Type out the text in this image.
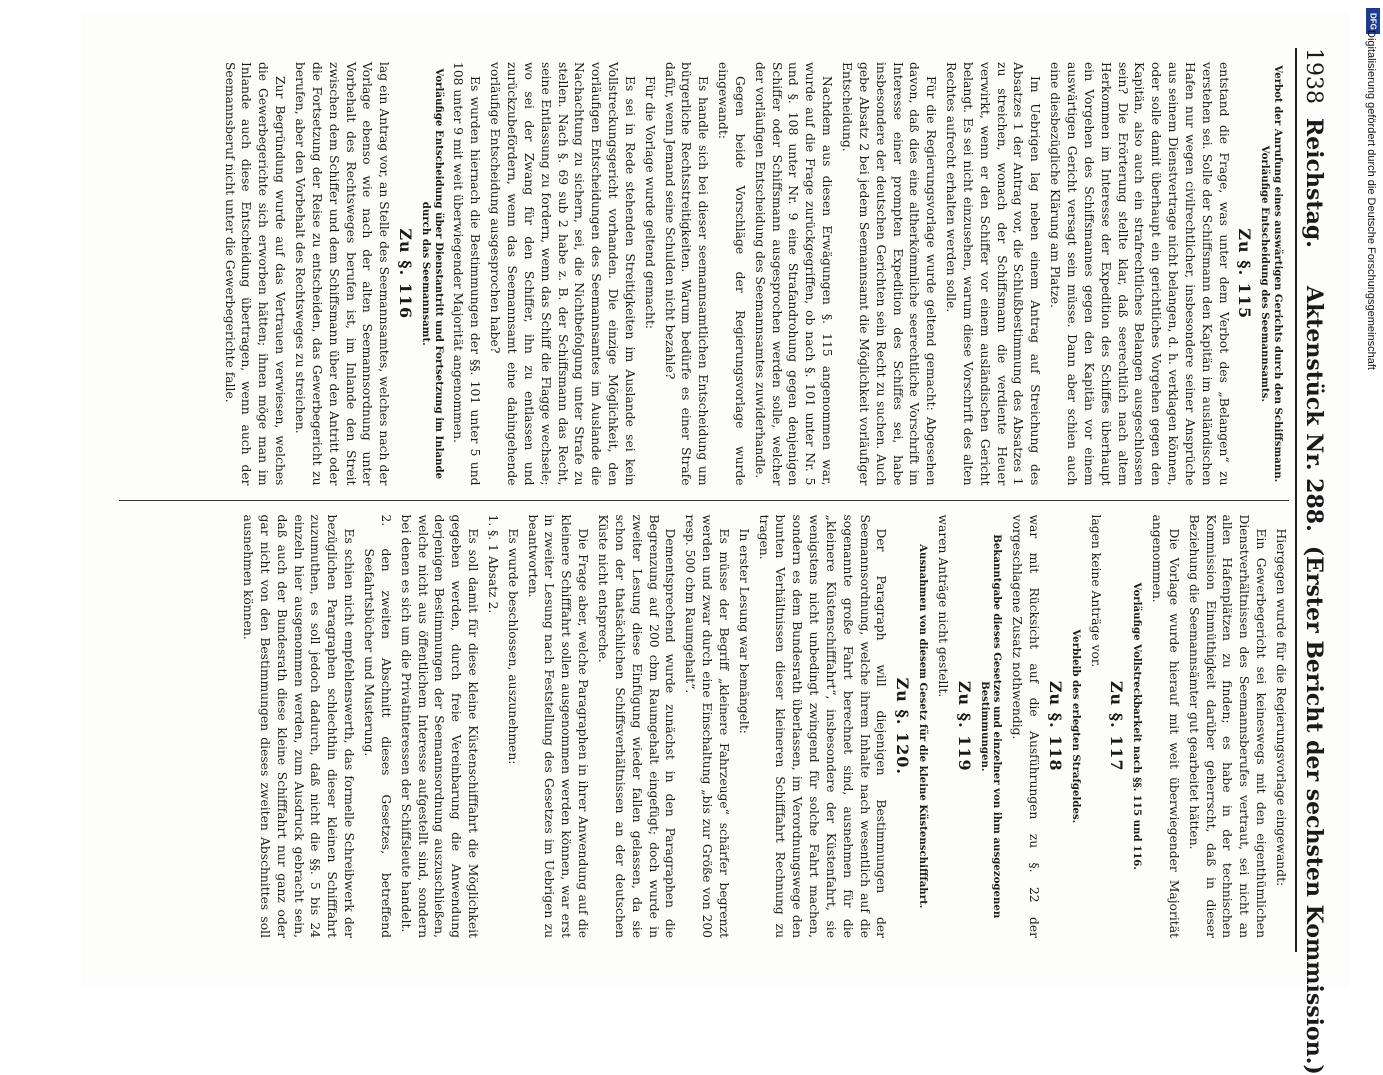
1938
Reichstag.
Aktenstück Nr. 288.
(Erster Bericht der sechsten Kommission.)
Verbot der Anrufung eines auswärtigen Gerichts durch den Schiffsmann. Vorläufige Entscheidung des Seemannsamts.
Zu §. 115

entstand die Frage, was unter dem Verbot des „Belangen“ zu verstehen sei. Solle der Schiffsmann den Kapitän im ausländischen Hafen nur wegen civilrechtlicher, insbesondere seiner Ansprüche aus seinem Dienstvertrage nicht belangen, d. h. verklagen können, oder solle damit überhaupt ein gerichtliches Vorgehen gegen den Kapitän, also auch ein strafrechtliches Belangen ausgeschlossen sein? Die Erörterung stellte klar, daß seerechtlich nach altem Herkommen im Interesse der Expedition des Schiffes überhaupt ein Vorgehen des Schiffsmannes gegen den Kapitän vor einem auswärtigen Gericht versagt sein müsse. Dann aber schien auch eine diesbezügliche Klärung am Platze.

Im Uebrigen lag neben einem Antrag auf Streichung des Absatzes 1 der Antrag vor, die Schlußbestimmung des Absatzes 1 zu streichen, wonach der Schiffsmann die verdiente Heuer verwirkt, wenn er den Schiffer vor einem ausländischen Gericht belangt. Es sei nicht einzusehen, warum diese Vorschrift des alten Rechtes aufrecht erhalten werden solle.

Für die Regierungsvorlage wurde geltend gemacht: Abgesehen davon, daß dies eine altherkömmliche seerechtliche Vorschrift im Interesse einer prompten Expedition des Schiffes sei, habe insbesondere der deutschen Gerichten sein Recht zu suchen. Auch gebe Absatz 2 bei jedem Seemannsamt die Möglichkeit vorläufiger Entscheidung.

Nachdem aus diesen Erwägungen §. 115 angenommen war, wurde auf die Frage zurückgegriffen, ob nach §. 101 unter Nr. 5 und §. 108 unter Nr. 9 eine Strafandrohung gegen denjenigen Schiffer oder Schiffsmann ausgesprochen werden solle, welcher der vorläufigen Entscheidung des Seemannsamtes zuwiderhandle.

Gegen beide Vorschläge der Regierungsvorlage wurde eingewandt:

Es handle sich bei dieser seemannsamtlichen Entscheidung um bürgerliche Rechtsstreitigkeiten. Warum bedürfe es einer Strafe dafür, wenn Jemand seine Schulden nicht bezahle?

Für die Vorlage wurde geltend gemacht:

Es sei in Rede stehenden Streitigkeiten im Auslande sei kein Vollstreckungsgericht vorhanden. Die einzige Möglichkeit, den vorläufigen Entscheidungen des Seemannsamtes im Auslande die Nachachtung zu sichern, sei, die Nichtbefolgung unter Strafe zu stellen. Nach §. 69 sub 2 habe z. B. der Schiffsmann das Recht, seine Entlassung zu fordern, wenn das Schiff die Flagge wechsele; wo sei der Zwang für den Schiffer, ihn zu entlassen und zurückzubefördern, wenn das Seemannsamt eine dahingehende vorläufige Entscheidung ausgesprochen habe?

Es wurden hiernach die Bestimmungen der §§. 101 unter 5 und 108 unter 9 mit weit überwiegender Majorität angenommen.

Vorläufige Entscheidung über Dienstantritt und Fortsetzung im Inlande durch das Seemannsamt.
Zu §. 116

lag ein Antrag vor, an Stelle des Seemannsamtes, welches nach der Vorlage ebenso wie nach der alten Seemannsordnung unter Vorbehalt des Rechtsweges berufen ist, im Inlande den Streit zwischen dem Schiffer und dem Schiffsmann über den Antritt oder die Fortsetzung der Reise zu entscheiden, das Gewerbegericht zu berufen, aber den Vorbehalt des Rechtsweges zu streichen.

Zur Begründung wurde auf das Vertrauen verwiesen, welches die Gewerbegerichte sich erworben hätten; ihnen möge man im Inlande auch diese Entscheidung übertragen, wenn auch der Seemannsberuf nicht unter die Gewerbegerichte falle.

Hiergegen wurde für die Regierungsvorlage eingewandt:

Ein Gewerbegericht sei keineswegs mit den eigenthümlichen Dienstverhältnissen des Seemannsberufes vertraut, sei nicht an allen Hafenplätzen zu finden; es habe in der technischen Kommission Einmüthigkeit darüber geherrscht, daß in dieser Beziehung die Seemannsämter gut gearbeitet hätten.

Die Vorlage wurde hierauf mit weit überwiegender Majorität angenommen.

Vorläufige Vollstreckbarkeit nach §§. 115 und 116.
Zu §. 117

lagen keine Anträge vor.

Verbleib des erlegten Strafgeldes.
Zu §. 118

war mit Rücksicht auf die Ausführungen zu §. 22 der vorgeschlagene Zusatz nothwendig.

Bekanntgabe dieses Gesetzes und einzelner von ihm ausgezogenen Bestimmungen.
Zu §. 119

waren Anträge nicht gestellt.

Ausnahmen von diesem Gesetz für die kleine Küstenschifffahrt.
Zu §. 120.

Der Paragraph will diejenigen Bestimmungen der Seemannsordnung, welche ihrem Inhalte nach wesentlich auf die sogenannte große Fahrt berechnet sind, ausnehmen für die „kleinere Küstenschifffahrt“, insbesondere der Küstenfahrt, sie wenigstens nicht unbedingt zwingend für solche Fahrt machen, sondern es dem Bundesrath überlassen, im Verordnungswege den bunten Verhältnissen dieser kleineren Schifffahrt Rechnung zu tragen.

In erster Lesung war bemängelt:

Es müsse der Begriff „kleinere Fahrzeuge“ schärfer begrenzt werden und zwar durch eine Einschaltung „bis zur Größe von 200 resp. 500 cbm Raumgehalt“.

Dementsprechend wurde zunächst in den Paragraphen die Begrenzung auf 200 cbm Raumgehalt eingefügt; doch wurde in zweiter Lesung diese Einfügung wieder fallen gelassen, da sie schon der thatsächlichen Schiffsverhältnissen an der deutschen Küste nicht entspreche.

Die Frage aber, welche Paragraphen in ihrer Anwendung auf die kleinere Schifffahrt sollen ausgenommen werden können, war erst in zweiter Lesung nach Feststellung des Gesetzes im Uebrigen zu beantworten.

Es wurde beschlossen, auszunehmen:

1. §. 1 Absatz 2.

Es soll damit für diese kleine Küstenschifffahrt die Möglichkeit gegeben werden, durch freie Vereinbarung die Anwendung derjenigen Bestimmungen der Seemannsordnung auszuschließen, welche nicht aus öffentlichem Interesse aufgestellt sind, sondern bei denen es sich um die Privatinteressen der Schiffsleute handelt.

2.
den zweiten Abschnitt dieses Gesetzes, betreffend Seefahrtsbücher und Musterung.

Es schien nicht empfehlenswerth, das formelle Schreibwerk der bezüglichen Paragraphen schlechthin dieser kleinen Schifffahrt zuzumuthen, es soll jedoch dadurch, daß nicht die §§. 5 bis 24 einzeln hier ausgenommen werden, zum Ausdruck gebracht sein, daß auch der Bundesrath diese kleine Schifffahrt nur ganz oder gar nicht von den Bestimmungen dieses zweiten Abschnittes soll ausnehmen können.

DFG
Digitalisierung gefördert durch die Deutsche Forschungsgemeinschaft
